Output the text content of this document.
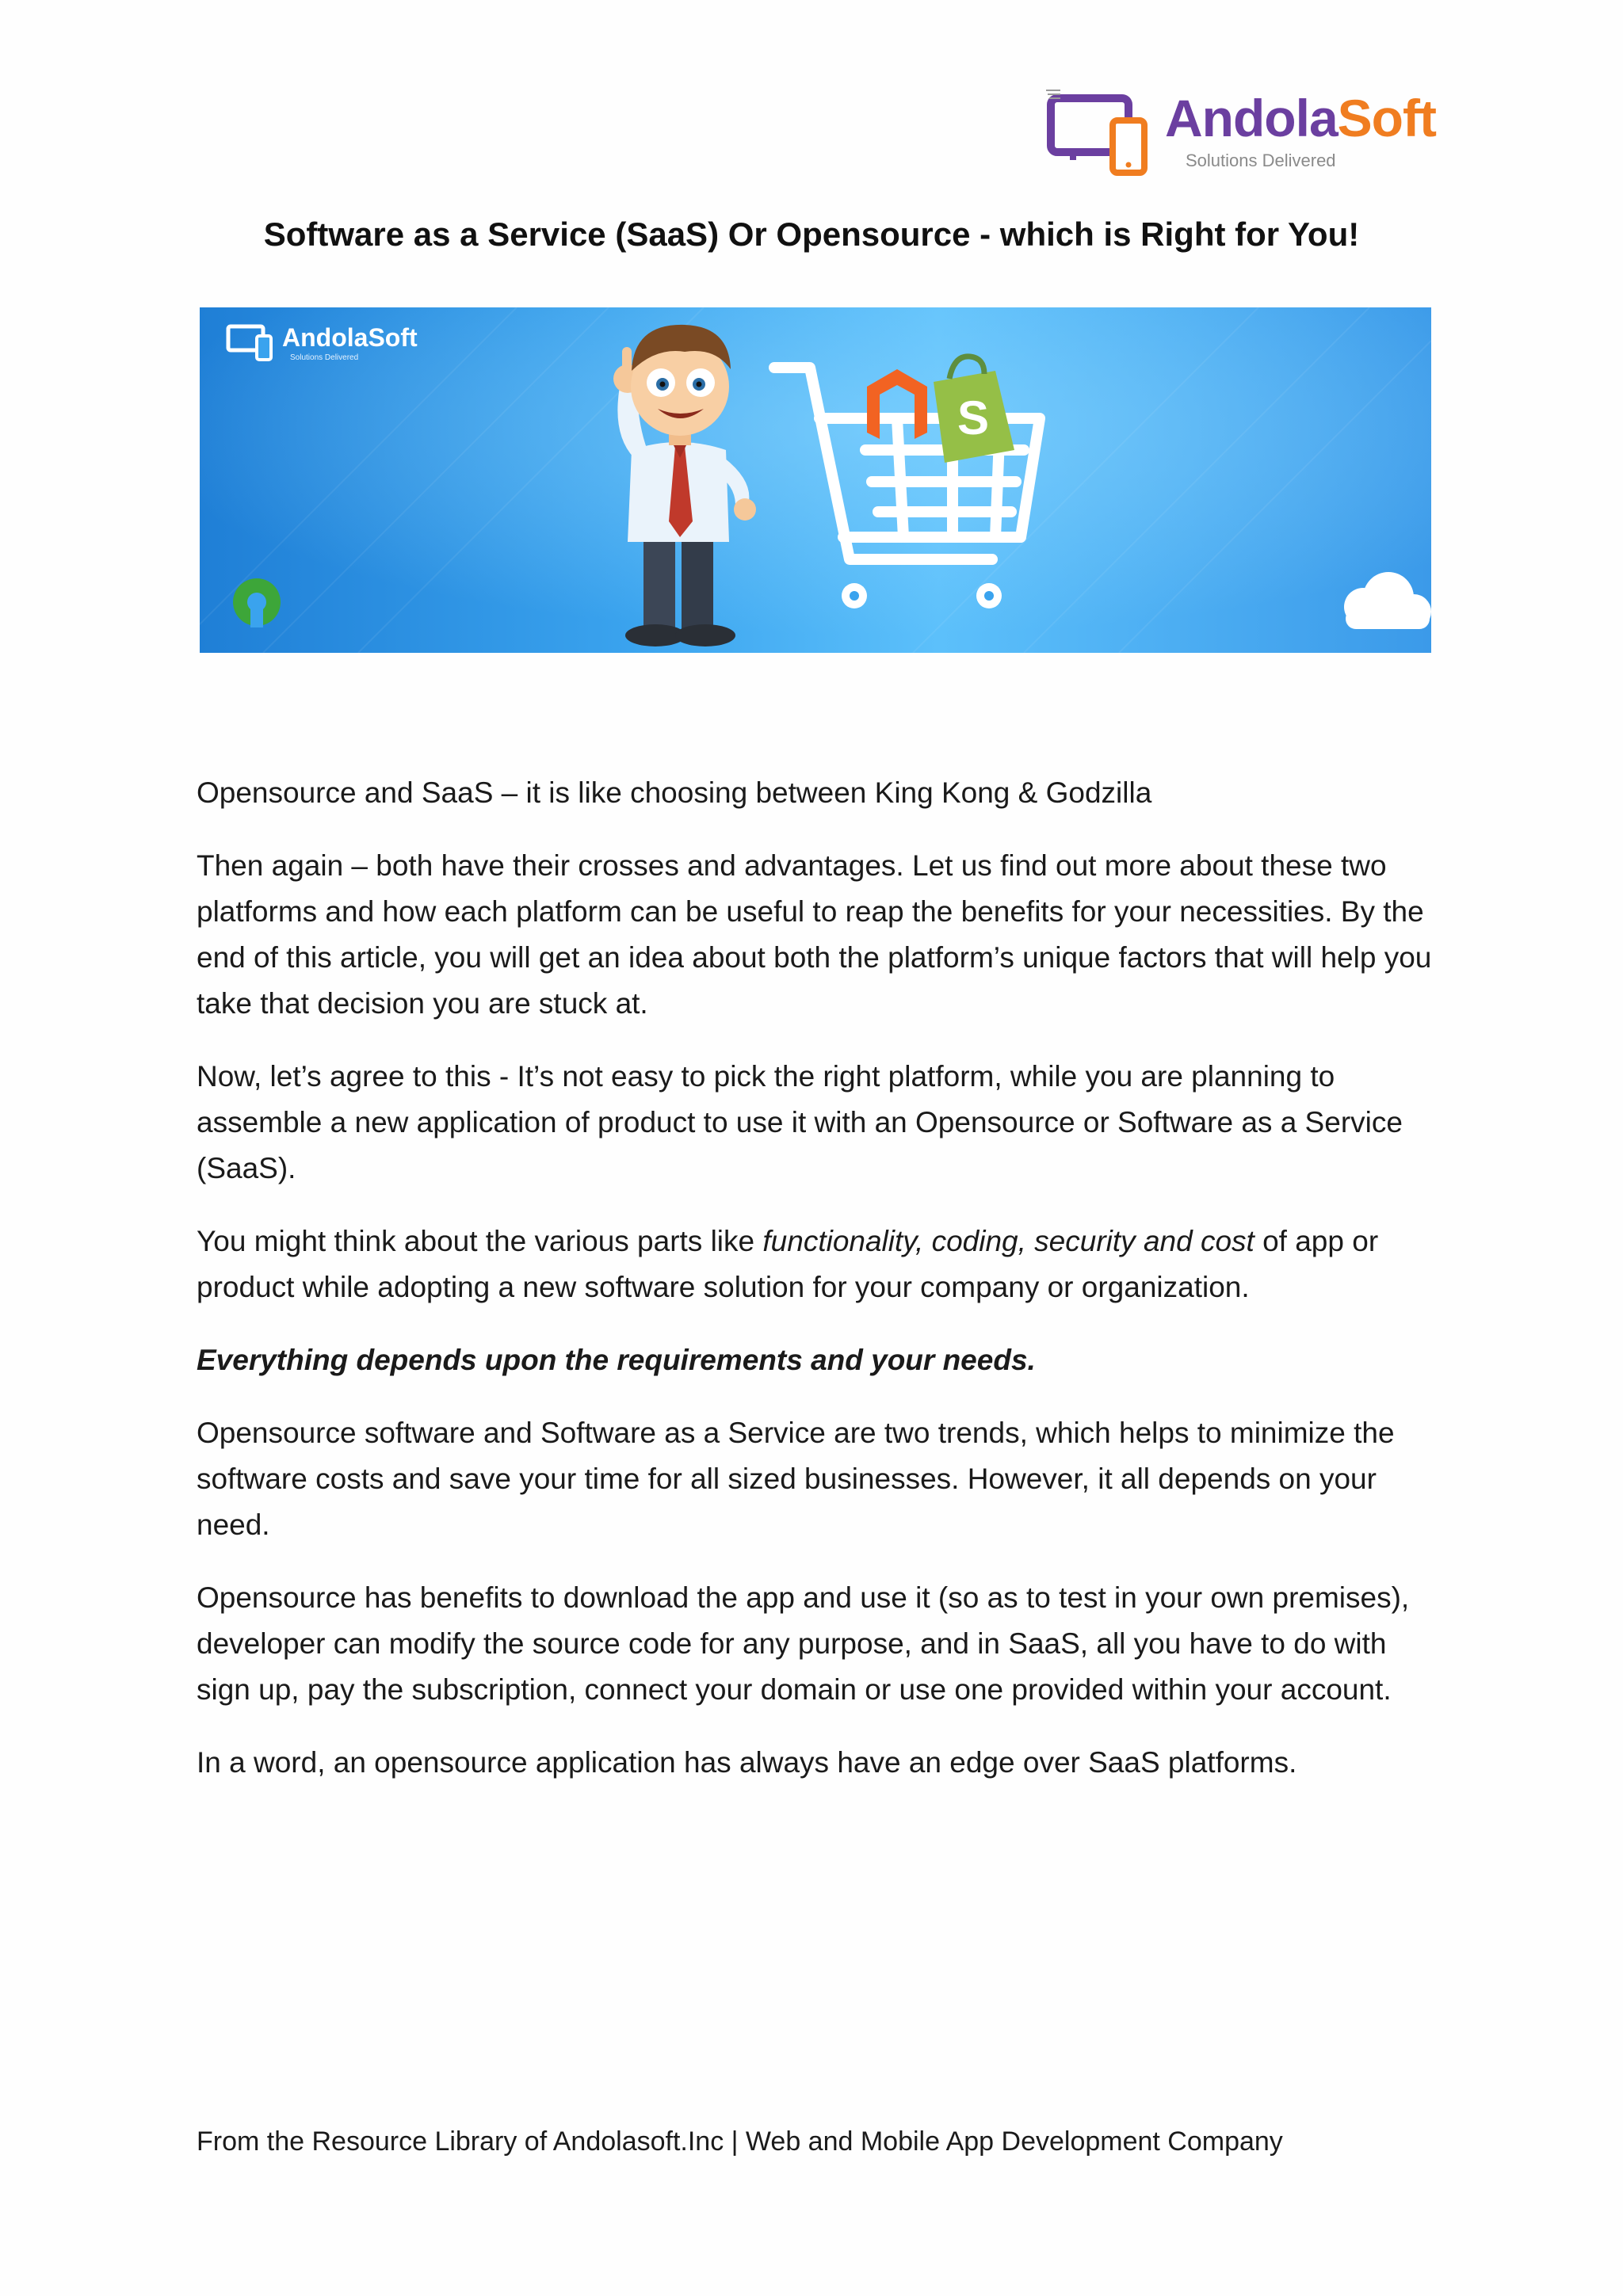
AndolaSoft
Solutions Delivered
Software as a Service (SaaS) Or Opensource - which is Right for You!
S
AndolaSoft
Solutions Delivered

Opensource and SaaS – it is like choosing between King Kong & Godzilla

Then again – both have their crosses and advantages. Let us find out more about these two platforms and how each platform can be useful to reap the benefits for your necessities. By the end of this article, you will get an idea about both the platform’s unique factors that will help you take that decision you are stuck at.

Now, let’s agree to this - It’s not easy to pick the right platform, while you are planning to assemble a new application of product to use it with an Opensource or Software as a Service (SaaS).

You might think about the various parts like functionality, coding, security and cost of app or product while adopting a new software solution for your company or organization.

Everything depends upon the requirements and your needs.

Opensource software and Software as a Service are two trends, which helps to minimize the software costs and save your time for all sized businesses. However, it all depends on your need.

Opensource has benefits to download the app and use it (so as to test in your own premises), developer can modify the source code for any purpose, and in SaaS, all you have to do with sign up, pay the subscription, connect your domain or use one provided within your account.

In a word, an opensource application has always have an edge over SaaS platforms.

From the Resource Library of Andolasoft.Inc | Web and Mobile App Development Company
